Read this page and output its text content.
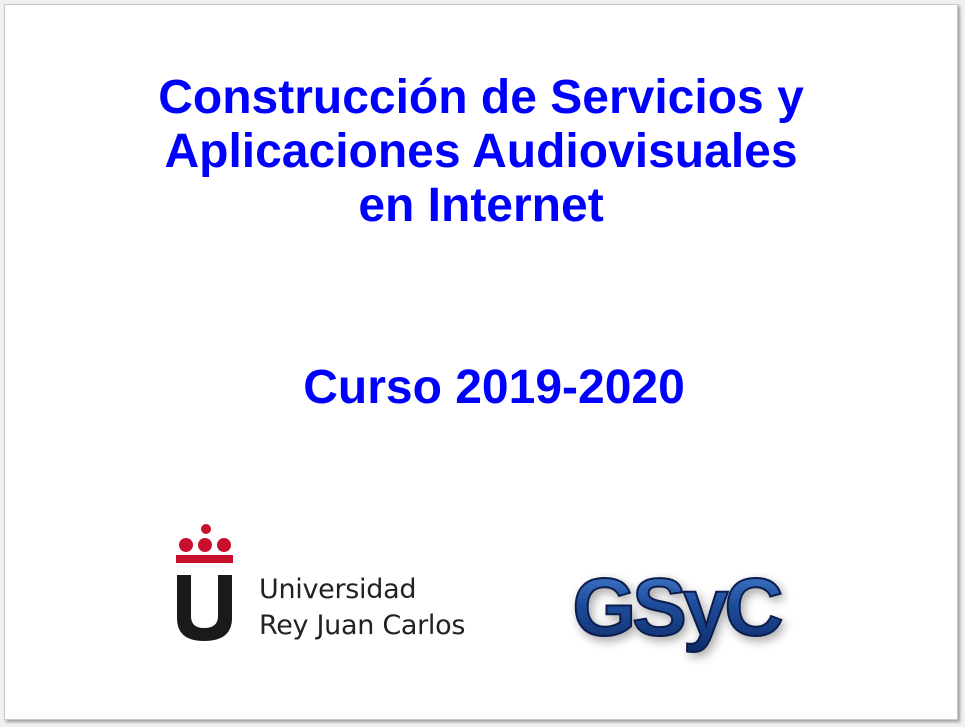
Construcción de Servicios y
Aplicaciones Audiovisuales
en Internet
Curso 2019-2020
Universidad
Rey Juan Carlos GSyC
